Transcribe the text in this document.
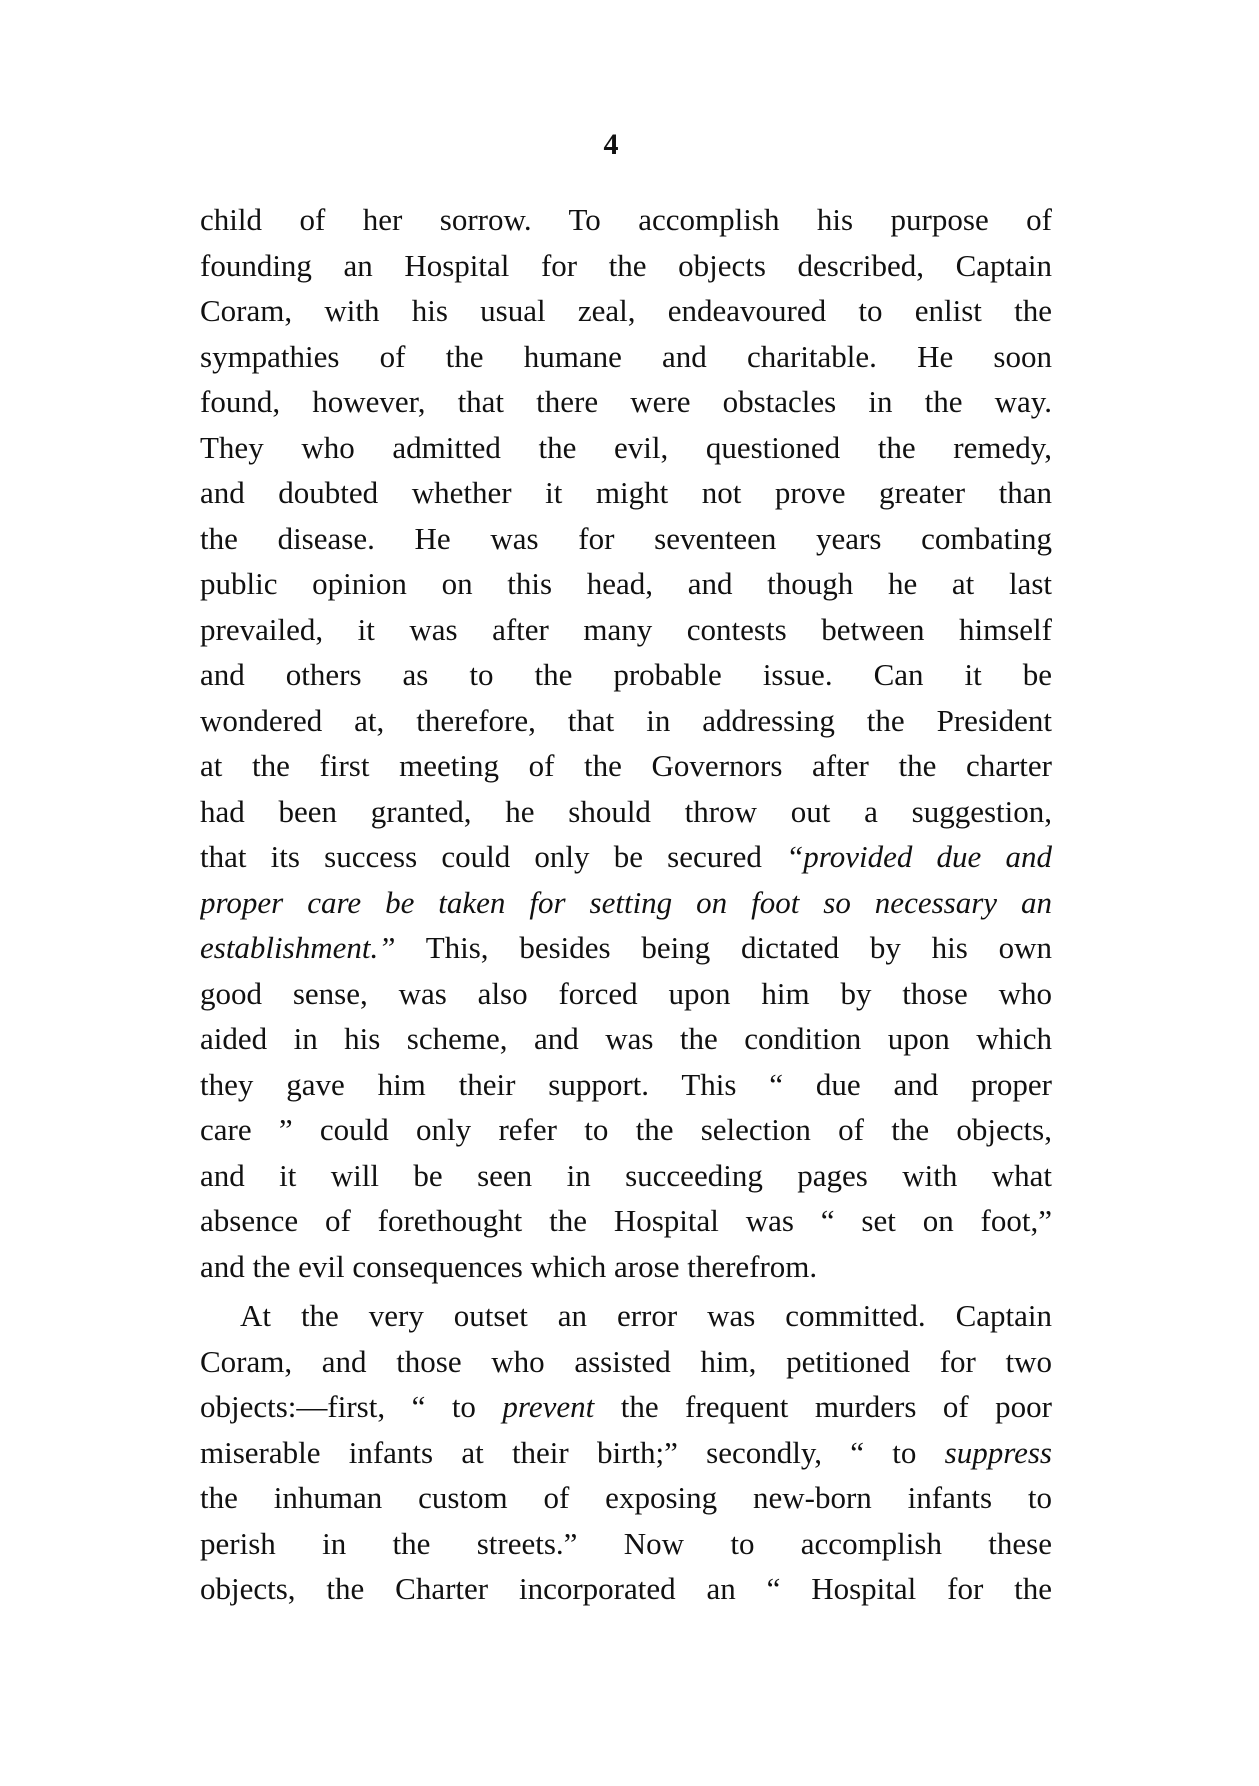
4
child of her sorrow. To accomplish his purpose of
founding an Hospital for the objects described, Captain
Coram, with his usual zeal, endeavoured to enlist the
sympathies of the humane and charitable. He soon
found, however, that there were obstacles in the way.
They who admitted the evil, questioned the remedy,
and doubted whether it might not prove greater than
the disease. He was for seventeen years combating
public opinion on this head, and though he at last
prevailed, it was after many contests between himself
and others as to the probable issue. Can it be
wondered at, therefore, that in addressing the President
at the first meeting of the Governors after the charter
had been granted, he should throw out a suggestion,
that its success could only be secured “provided due and
proper care be taken for setting on foot so necessary an
establishment.” This, besides being dictated by his own
good sense, was also forced upon him by those who
aided in his scheme, and was the condition upon which
they gave him their support. This “ due and proper
care ” could only refer to the selection of the objects,
and it will be seen in succeeding pages with what
absence of forethought the Hospital was “ set on foot,”
and the evil consequences which arose therefrom.
At the very outset an error was committed. Captain
Coram, and those who assisted him, petitioned for two
objects:—first, “ to prevent the frequent murders of poor
miserable infants at their birth;” secondly, “ to suppress
the inhuman custom of exposing new-born infants to
perish in the streets.” Now to accomplish these
objects, the Charter incorporated an “ Hospital for the
